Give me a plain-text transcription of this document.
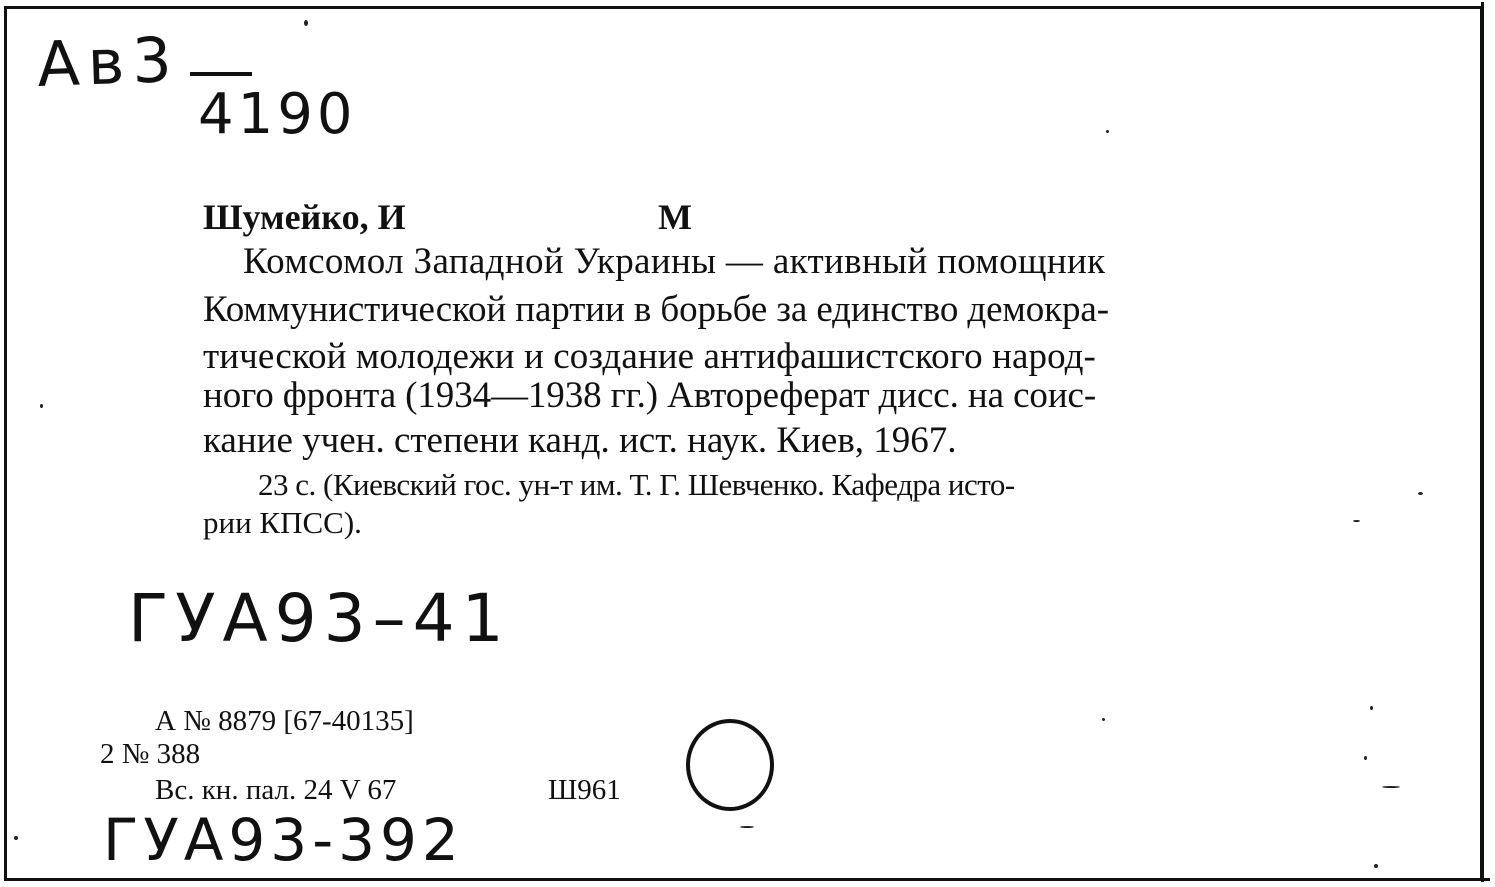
Ав3
4190
Шумейко, И	М
Комсомол Западной Украины — активный помощник
Коммунистической партии в борьбе за единство демокра-
тической молодежи и создание антифашистского народ-
ного фронта (1934—1938 гг.) Автореферат дисс. на соис-
кание учен. степени канд. ист. наук. Киев, 1967.
23 с. (Киевский гос. ун-т им. Т. Г. Шевченко. Кафедра исто-
рии КПСС).
ГУА93–41
А № 8879 [67-40135]
2 № 388
Вс. кн. пал. 24 V 67	Ш961
ГУА93-392
